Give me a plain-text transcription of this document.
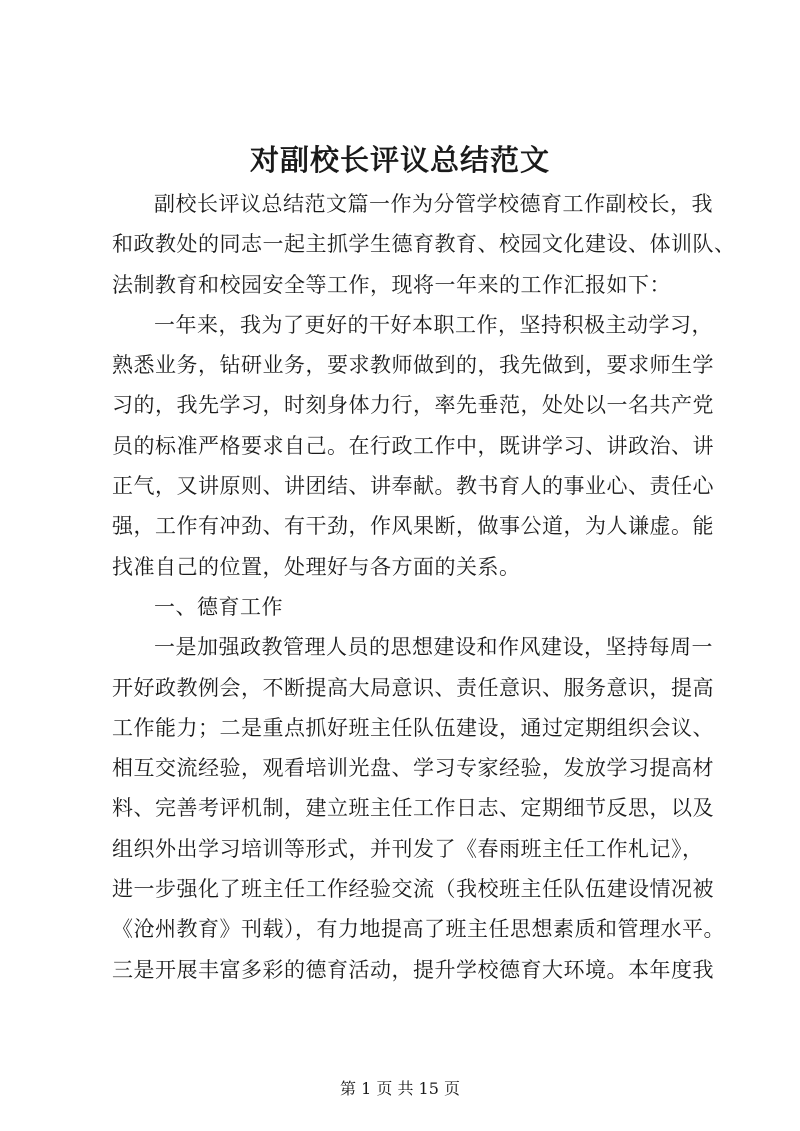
对副校长评议总结范文
副校长评议总结范文篇一作为分管学校德育工作副校长，我
和政教处的同志一起主抓学生德育教育、校园文化建设、体训队、
法制教育和校园安全等工作，现将一年来的工作汇报如下：
一年来，我为了更好的干好本职工作，坚持积极主动学习，
熟悉业务，钻研业务，要求教师做到的，我先做到，要求师生学
习的，我先学习，时刻身体力行，率先垂范，处处以一名共产党
员的标准严格要求自己。在行政工作中，既讲学习、讲政治、讲
正气，又讲原则、讲团结、讲奉献。教书育人的事业心、责任心
强，工作有冲劲、有干劲，作风果断，做事公道，为人谦虚。能
找准自己的位置，处理好与各方面的关系。
一、德育工作
一是加强政教管理人员的思想建设和作风建设，坚持每周一
开好政教例会，不断提高大局意识、责任意识、服务意识，提高
工作能力；二是重点抓好班主任队伍建设，通过定期组织会议、
相互交流经验，观看培训光盘、学习专家经验，发放学习提高材
料、完善考评机制，建立班主任工作日志、定期细节反思，以及
组织外出学习培训等形式，并刊发了《春雨班主任工作札记》，
进一步强化了班主任工作经验交流（我校班主任队伍建设情况被
《沧州教育》刊载），有力地提高了班主任思想素质和管理水平。
三是开展丰富多彩的德育活动，提升学校德育大环境。本年度我
第 1 页 共 15 页
